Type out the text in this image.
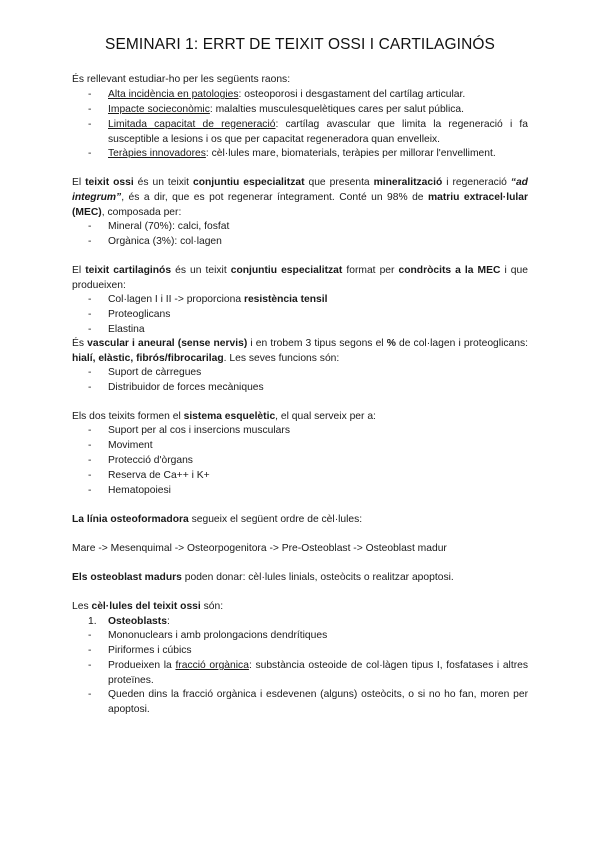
SEMINARI 1: ERRT DE TEIXIT OSSI I CARTILAGINÓS

És rellevant estudiar-ho per les següents raons:

- Alta incidència en patologies: osteoporosi i desgastament del cartílag articular.
- Impacte socieconòmic: malalties musculesquelètiques cares per salut pública.
- Limitada capacitat de regeneració: cartílag avascular que limita la regeneració i fa susceptible a lesions i os que per capacitat regeneradora quan envelleix.
- Teràpies innovadores: cèl·lules mare, biomaterials, teràpies per millorar l'envelliment.

El teixit ossi és un teixit conjuntiu especialitzat que presenta mineralització i regeneració “ad integrum”, és a dir, que es pot regenerar íntegrament. Conté un 98% de matriu extracel·lular (MEC), composada per:

- Mineral (70%): calci, fosfat
- Orgànica (3%): col·lagen

El teixit cartilaginós és un teixit conjuntiu especialitzat format per condròcits a la MEC i que produeixen:

- Col·lagen I i II -> proporciona resistència tensil
- Proteoglicans
- Elastina

És vascular i aneural (sense nervis) i en trobem 3 tipus segons el % de col·lagen i proteoglicans: hialí, elàstic, fibrós/fibrocarilag. Les seves funcions són:

- Suport de càrregues
- Distribuidor de forces mecàniques

Els dos teixits formen el sistema esquelètic, el qual serveix per a:

- Suport per al cos i insercions musculars
- Moviment
- Protecció d'òrgans
- Reserva de Ca++ i K+
- Hematopoiesi

La línia osteoformadora segueix el següent ordre de cèl·lules:

Mare -> Mesenquimal -> Osteorpogenitora -> Pre-Osteoblast -> Osteoblast madur

Els osteoblast madurs poden donar: cèl·lules linials, osteòcits o realitzar apoptosi.

Les cèl·lules del teixit ossi són:

1. Osteoblasts:
- Mononuclears i amb prolongacions dendrítiques
- Piriformes i cúbics
- Produeixen la fracció orgànica: substància osteoide de col·làgen tipus I, fosfatases i altres proteïnes.
- Queden dins la fracció orgànica i esdevenen (alguns) osteòcits, o si no ho fan, moren per apoptosi.
